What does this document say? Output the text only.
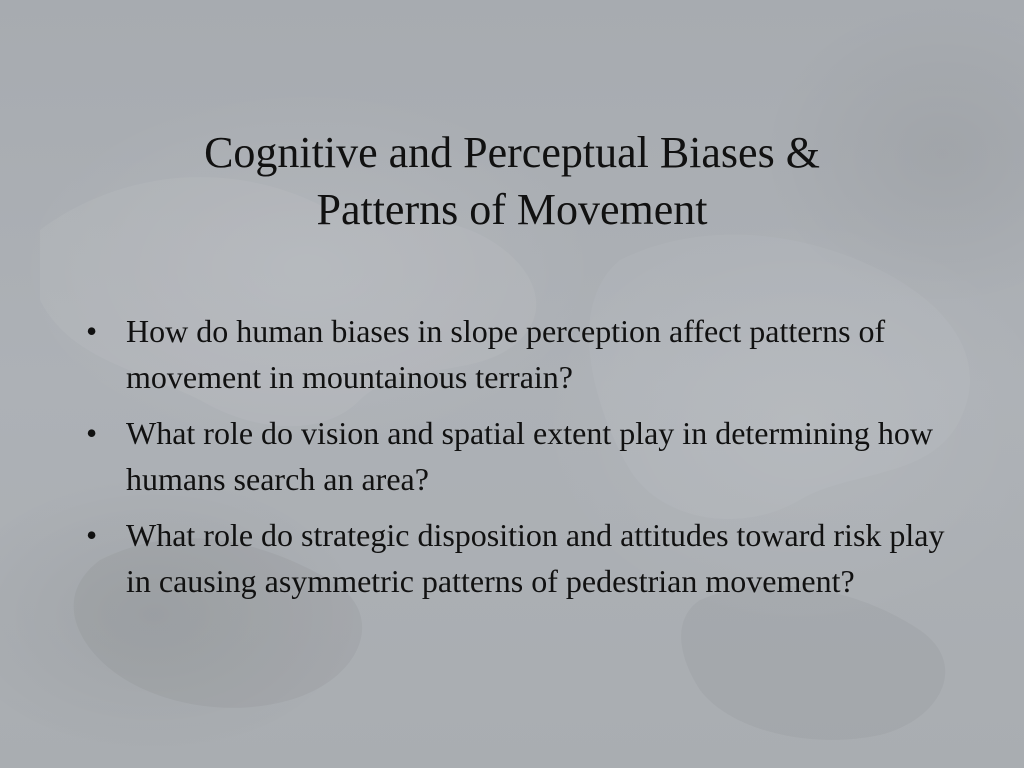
Cognitive and Perceptual Biases &
Patterns of Movement
• How do human biases in slope perception affect patterns of movement in mountainous terrain?
• What role do vision and spatial extent play in determining how humans search an area?
• What role do strategic disposition and attitudes toward risk play in causing asymmetric patterns of pedestrian movement?
